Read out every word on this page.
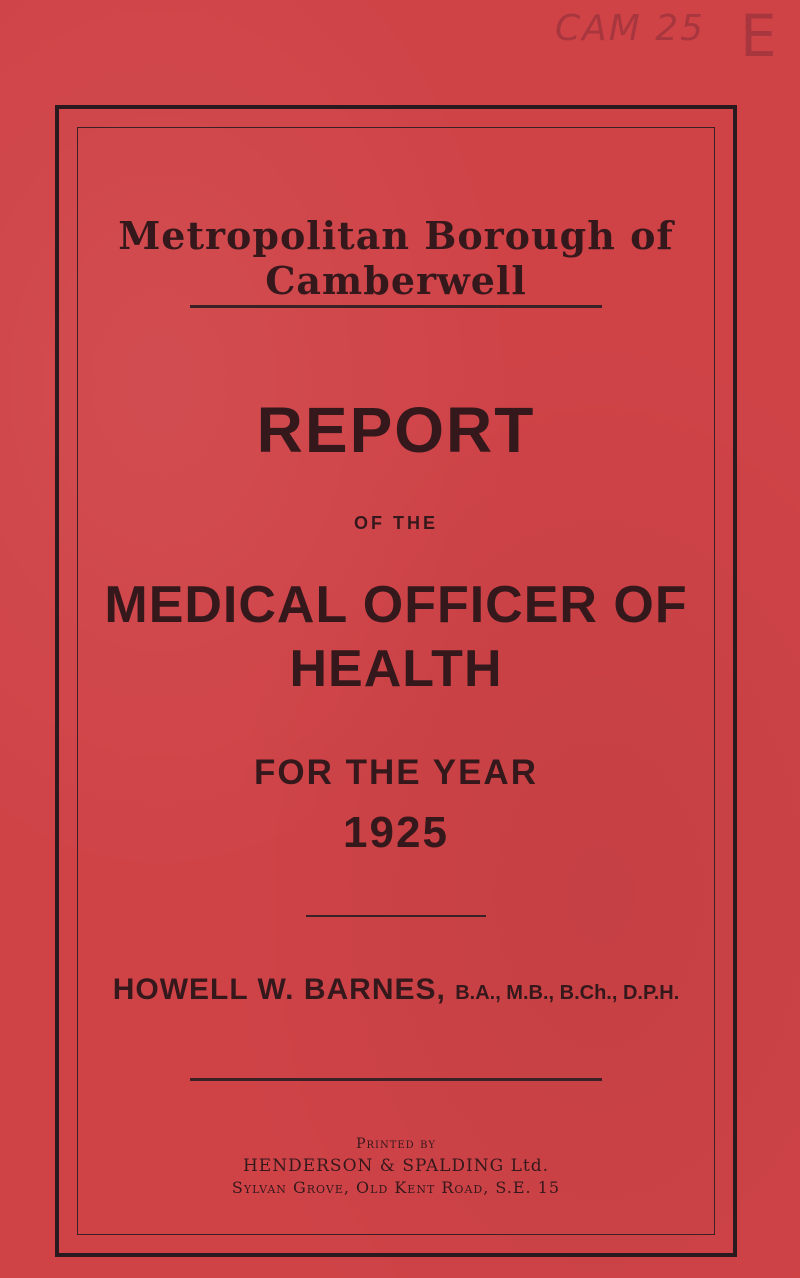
CAM 25 E
Metropolitan Borough of Camberwell
REPORT
OF THE
MEDICAL OFFICER OF
HEALTH
FOR THE YEAR
1925
HOWELL W. BARNES, B.A., M.B., B.Ch., D.P.H.
Printed by
HENDERSON & SPALDING Ltd.
Sylvan Grove, Old Kent Road, S.E. 15
